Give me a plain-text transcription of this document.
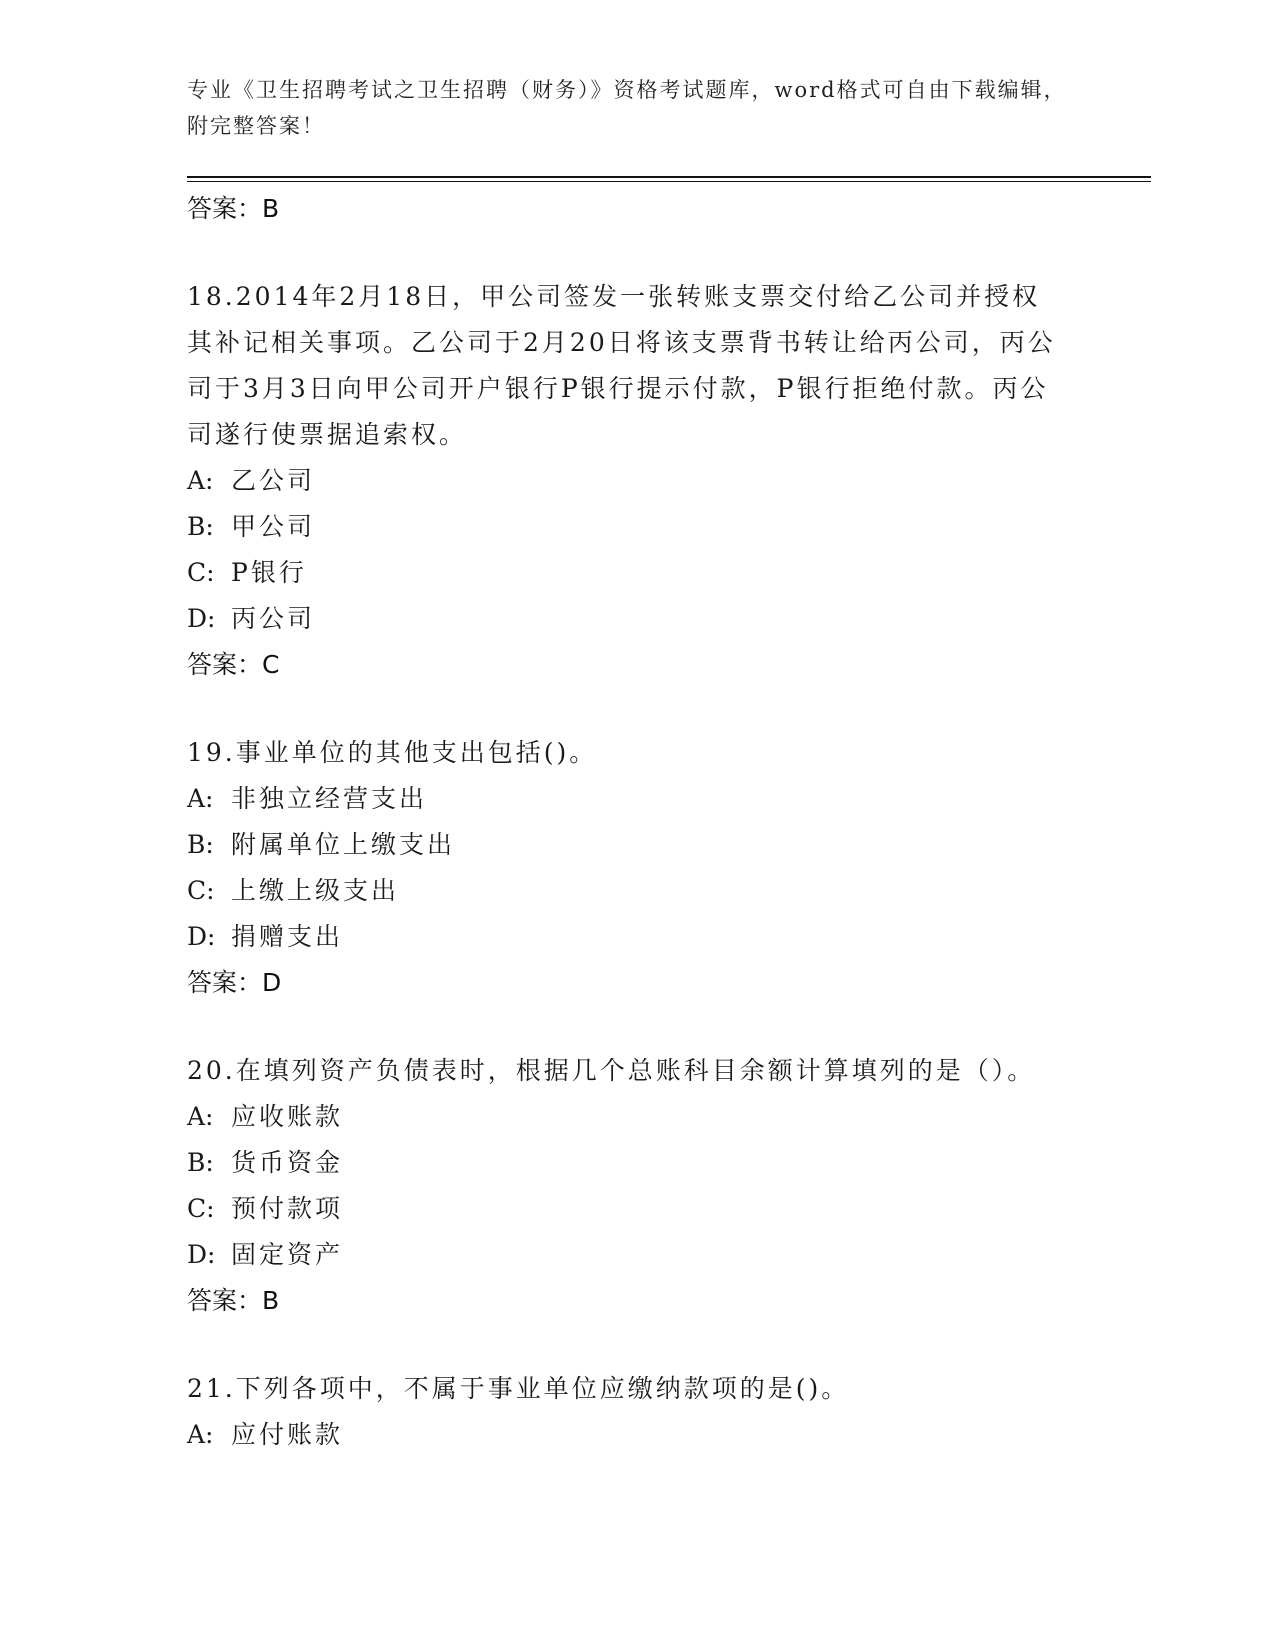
专业《卫生招聘考试之卫生招聘（财务）》资格考试题库，word格式可自由下载编辑，附完整答案！
答案：B
18.2014年2月18日，甲公司签发一张转账支票交付给乙公司并授权其补记相关事项。乙公司于2月20日将该支票背书转让给丙公司，丙公司于3月3日向甲公司开户银行P银行提示付款，P银行拒绝付款。丙公司遂行使票据追索权。
A: 乙公司
B: 甲公司
C: P银行
D: 丙公司
答案：C
19.事业单位的其他支出包括()。
A: 非独立经营支出
B: 附属单位上缴支出
C: 上缴上级支出
D: 捐赠支出
答案：D
20.在填列资产负债表时，根据几个总账科目余额计算填列的是（）。
A: 应收账款
B: 货币资金
C: 预付款项
D: 固定资产
答案：B
21.下列各项中，不属于事业单位应缴纳款项的是()。
A: 应付账款
